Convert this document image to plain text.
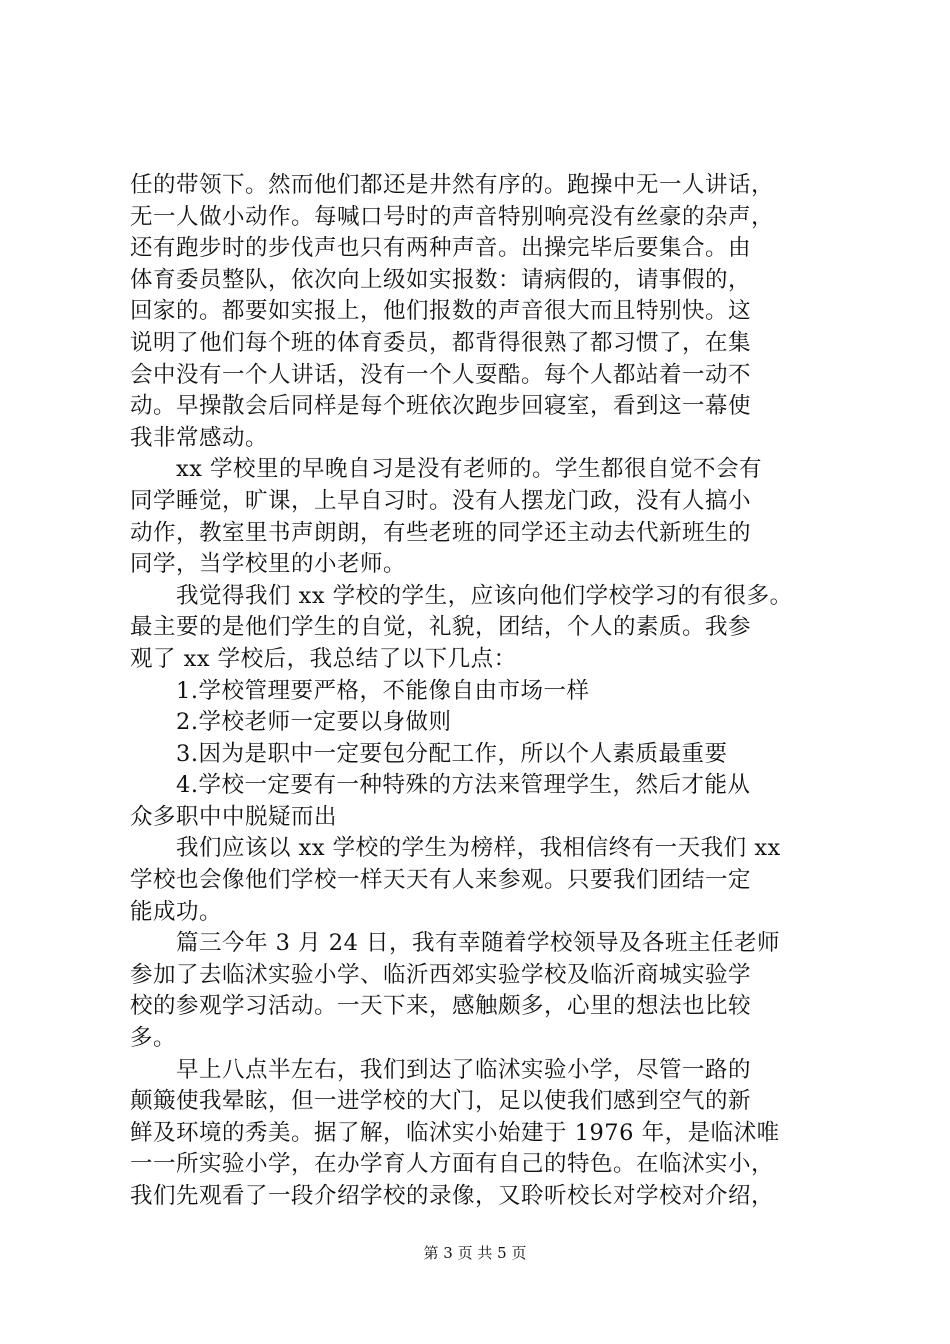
任的带领下。然而他们都还是井然有序的。跑操中无一人讲话，
无一人做小动作。每喊口号时的声音特别响亮没有丝豪的杂声，
还有跑步时的步伐声也只有两种声音。出操完毕后要集合。由
体育委员整队，依次向上级如实报数：请病假的，请事假的，
回家的。都要如实报上，他们报数的声音很大而且特别快。这
说明了他们每个班的体育委员，都背得很熟了都习惯了，在集
会中没有一个人讲话，没有一个人耍酷。每个人都站着一动不
动。早操散会后同样是每个班依次跑步回寝室，看到这一幕使
我非常感动。
　　xx 学校里的早晚自习是没有老师的。学生都很自觉不会有
同学睡觉，旷课，上早自习时。没有人摆龙门政，没有人搞小
动作，教室里书声朗朗，有些老班的同学还主动去代新班生的
同学，当学校里的小老师。
　　我觉得我们 xx 学校的学生，应该向他们学校学习的有很多。
最主要的是他们学生的自觉，礼貌，团结，个人的素质。我参
观了 xx 学校后，我总结了以下几点：
　　1.学校管理要严格，不能像自由市场一样
　　2.学校老师一定要以身做则
　　3.因为是职中一定要包分配工作，所以个人素质最重要
　　4.学校一定要有一种特殊的方法来管理学生，然后才能从
众多职中中脱疑而出
　　我们应该以 xx 学校的学生为榜样，我相信终有一天我们 xx
学校也会像他们学校一样天天有人来参观。只要我们团结一定
能成功。
　　篇三今年 3 月 24 日，我有幸随着学校领导及各班主任老师
参加了去临沭实验小学、临沂西郊实验学校及临沂商城实验学
校的参观学习活动。一天下来，感触颇多，心里的想法也比较
多。
　　早上八点半左右，我们到达了临沭实验小学，尽管一路的
颠簸使我晕眩，但一进学校的大门，足以使我们感到空气的新
鲜及环境的秀美。据了解，临沭实小始建于 1976 年，是临沭唯
一一所实验小学，在办学育人方面有自己的特色。在临沭实小，
我们先观看了一段介绍学校的录像，又聆听校长对学校对介绍，
第 3 页 共 5 页
